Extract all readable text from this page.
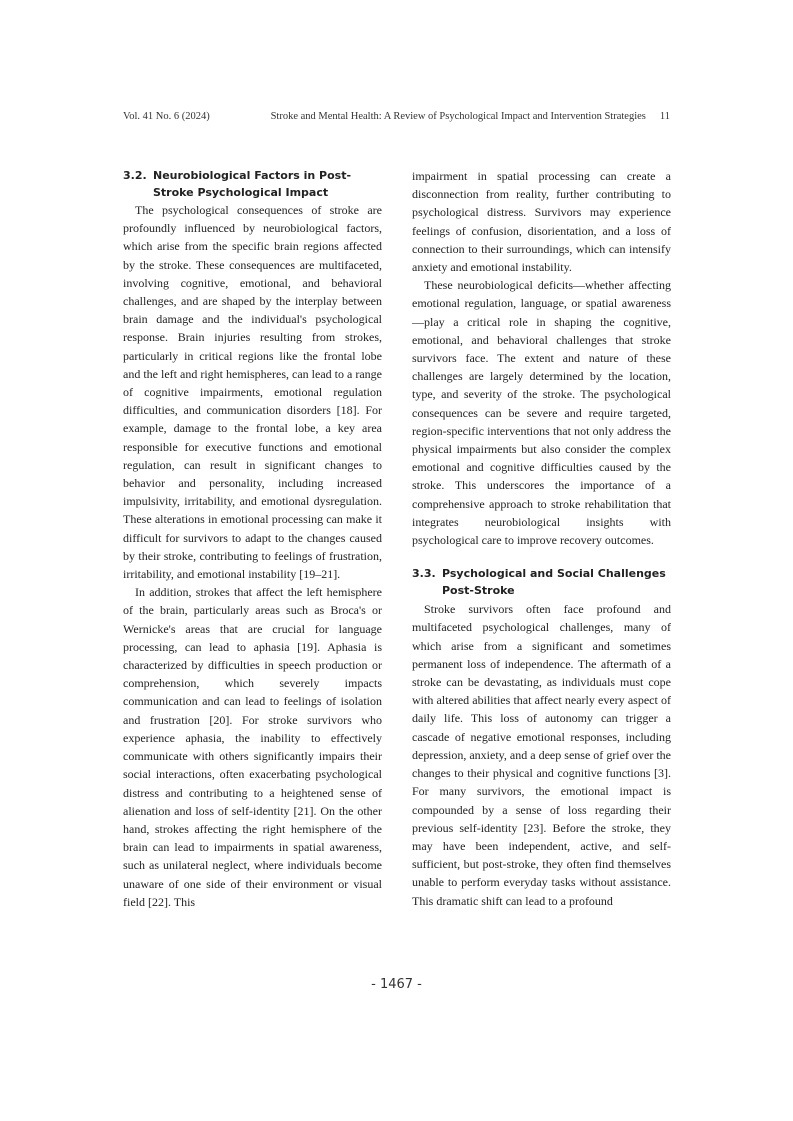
Vol. 41 No. 6 (2024)	Stroke and Mental Health: A Review of Psychological Impact and Intervention Strategies 11
3.2. Neurobiological Factors in Post-Stroke Psychological Impact

The psychological consequences of stroke are profoundly influenced by neurobiological factors, which arise from the specific brain regions affected by the stroke. These consequences are multifaceted, involving cognitive, emotional, and behavioral challenges, and are shaped by the interplay between brain damage and the individual's psychological response. Brain injuries resulting from strokes, particularly in critical regions like the frontal lobe and the left and right hemispheres, can lead to a range of cognitive impairments, emotional regulation difficulties, and communication disorders [18]. For example, damage to the frontal lobe, a key area responsible for executive functions and emotional regulation, can result in significant changes to behavior and personality, including increased impulsivity, irritability, and emotional dysregulation. These alterations in emotional processing can make it difficult for survivors to adapt to the changes caused by their stroke, contributing to feelings of frustration, irritability, and emotional instability [19–21].

In addition, strokes that affect the left hemisphere of the brain, particularly areas such as Broca's or Wernicke's areas that are crucial for language processing, can lead to aphasia [19]. Aphasia is characterized by difficulties in speech production or comprehension, which severely impacts communication and can lead to feelings of isolation and frustration [20]. For stroke survivors who experience aphasia, the inability to effectively communicate with others significantly impairs their social interactions, often exacerbating psychological distress and contributing to a heightened sense of alienation and loss of self-identity [21]. On the other hand, strokes affecting the right hemisphere of the brain can lead to impairments in spatial awareness, such as unilateral neglect, where individuals become unaware of one side of their environment or visual field [22]. This

impairment in spatial processing can create a disconnection from reality, further contributing to psychological distress. Survivors may experience feelings of confusion, disorientation, and a loss of connection to their surroundings, which can intensify anxiety and emotional instability.

These neurobiological deficits—whether affecting emotional regulation, language, or spatial awareness—play a critical role in shaping the cognitive, emotional, and behavioral challenges that stroke survivors face. The extent and nature of these challenges are largely determined by the location, type, and severity of the stroke. The psychological consequences can be severe and require targeted, region-specific interventions that not only address the physical impairments but also consider the complex emotional and cognitive difficulties caused by the stroke. This underscores the importance of a comprehensive approach to stroke rehabilitation that integrates neurobiological insights with psychological care to improve recovery outcomes.

3.3. Psychological and Social Challenges Post-Stroke

Stroke survivors often face profound and multifaceted psychological challenges, many of which arise from a significant and sometimes permanent loss of independence. The aftermath of a stroke can be devastating, as individuals must cope with altered abilities that affect nearly every aspect of daily life. This loss of autonomy can trigger a cascade of negative emotional responses, including depression, anxiety, and a deep sense of grief over the changes to their physical and cognitive functions [3]. For many survivors, the emotional impact is compounded by a sense of loss regarding their previous self-identity [23]. Before the stroke, they may have been independent, active, and self-sufficient, but post-stroke, they often find themselves unable to perform everyday tasks without assistance. This dramatic shift can lead to a profound

- 1467 -
